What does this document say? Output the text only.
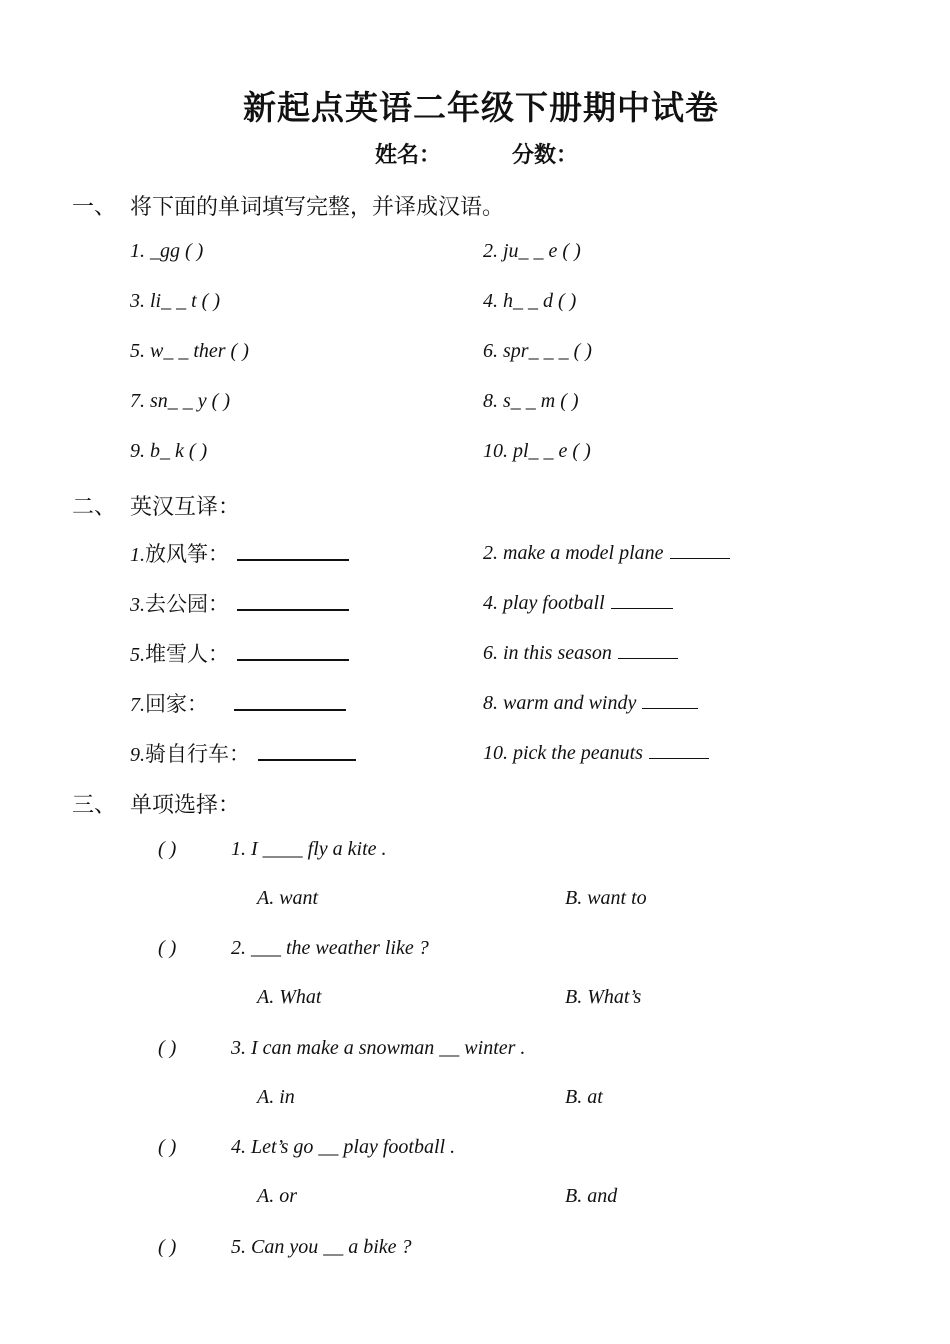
新起点英语二年级下册期中试卷
姓名：	分数：
一、 将下面的单词填写完整，并译成汉语。
1. _gg ( )	2. ju_ _ e ( )
3. li_ _ t ( )	4. h_ _ d ( )
5. w_ _ ther ( )	6. spr_ _ _ ( )
7. sn_ _ y ( )	8. s_ _ m ( )
9. b_ k ( )	10. pl_ _ e ( )
二、 英汉互译：
1.放风筝：	2. make a model plane
3.去公园：	4. play football
5.堆雪人：	6. in this season
7.回家：	8. warm and windy
9.骑自行车：	10. pick the peanuts
三、 单项选择：
( )	1. I ____ fly a kite .
A. want	B. want to
( )	2. ___ the weather like ?
A. What	B. What’s
( )	3. I can make a snowman __ winter .
A. in	B. at
( )	4. Let’s go __ play football .
A. or	B. and
( )	5. Can you __ a bike ?
